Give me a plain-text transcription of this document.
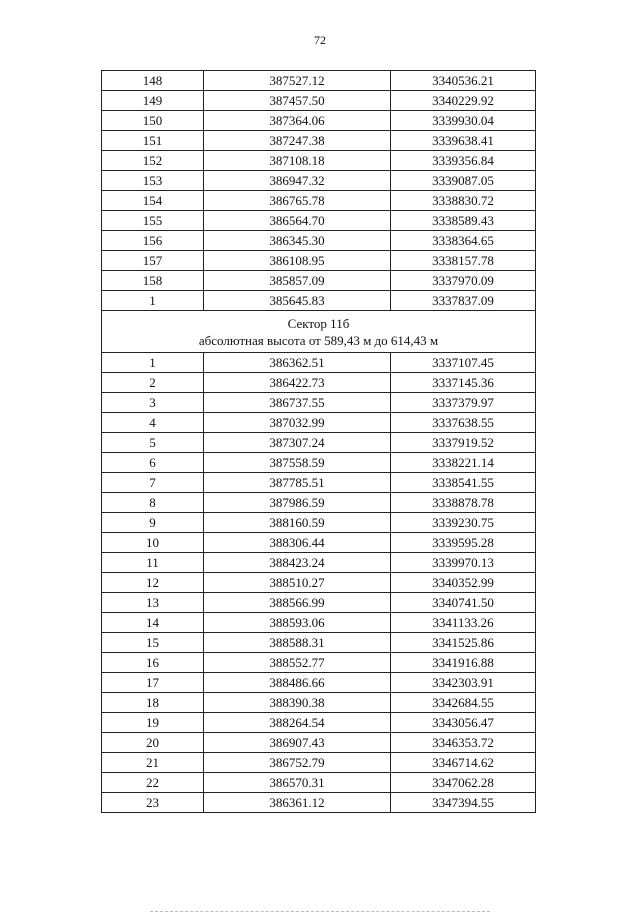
72
148	387527.12	3340536.21
149	387457.50	3340229.92
150	387364.06	3339930.04
151	387247.38	3339638.41
152	387108.18	3339356.84
153	386947.32	3339087.05
154	386765.78	3338830.72
155	386564.70	3338589.43
156	386345.30	3338364.65
157	386108.95	3338157.78
158	385857.09	3337970.09
1	385645.83	3337837.09

Сектор 11б
абсолютная высота от 589,43 м до 614,43 м		

1	386362.51	3337107.45
2	386422.73	3337145.36
3	386737.55	3337379.97
4	387032.99	3337638.55
5	387307.24	3337919.52
6	387558.59	3338221.14
7	387785.51	3338541.55
8	387986.59	3338878.78
9	388160.59	3339230.75
10	388306.44	3339595.28
11	388423.24	3339970.13
12	388510.27	3340352.99
13	388566.99	3340741.50
14	388593.06	3341133.26
15	388588.31	3341525.86
16	388552.77	3341916.88
17	388486.66	3342303.91
18	388390.38	3342684.55
19	388264.54	3343056.47
20	386907.43	3346353.72
21	386752.79	3346714.62
22	386570.31	3347062.28
23	386361.12	3347394.55
